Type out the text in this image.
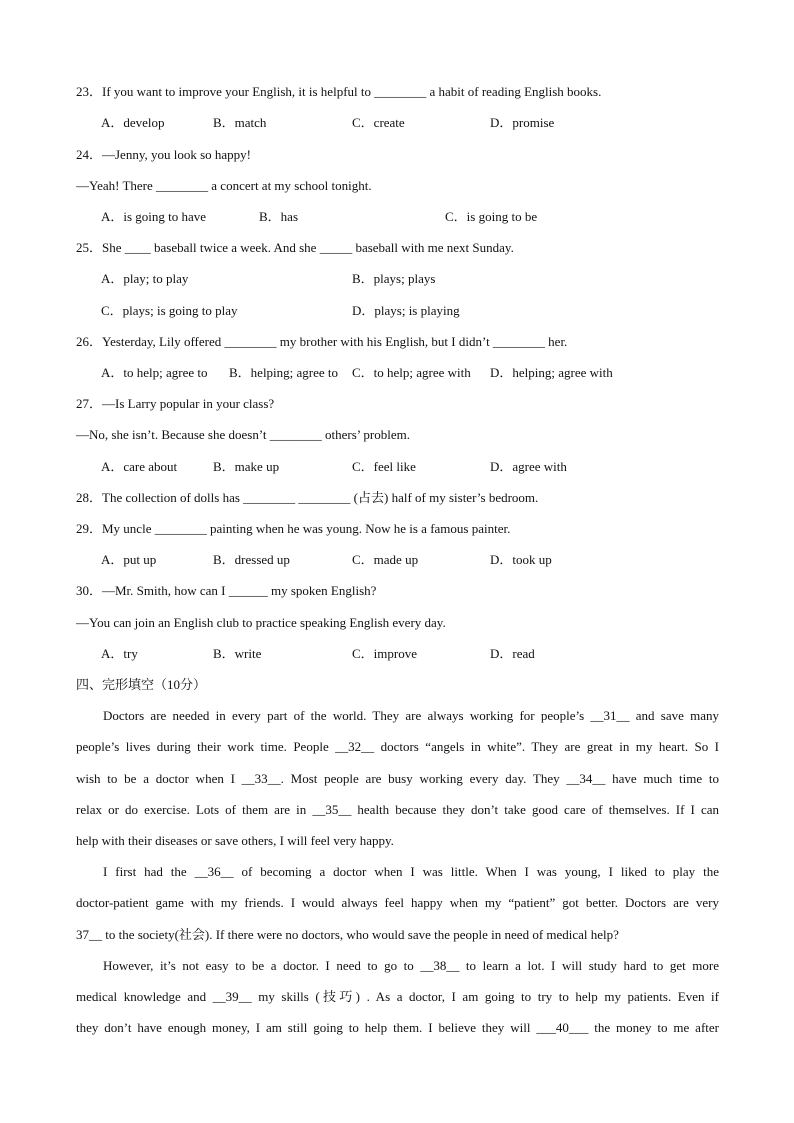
23．If you want to improve your English, it is helpful to ________ a habit of reading English books.
A．develop	B．match	C．create	D．promise
24．—Jenny, you look so happy!
—Yeah! There ________ a concert at my school tonight.
A．is going to have	B．has	C．is going to be
25．She ____ baseball twice a week. And she _____ baseball with me next Sunday.
A．play; to play	B．plays; plays
C．plays; is going to play	D．plays; is playing
26．Yesterday, Lily offered ________ my brother with his English, but I didn’t ________ her.
A．to help; agree to B．helping; agree to C．to help; agree with D．helping; agree with
27．—Is Larry popular in your class?
—No, she isn’t. Because she doesn’t ________ others’ problem.
A．care about	B．make up	C．feel like	D．agree with
28．The collection of dolls has ________ ________ (占去) half of my sister’s bedroom.
29．My uncle ________ painting when he was young. Now he is a famous painter.
A．put up	B．dressed up	C．made up	D．took up
30．—Mr. Smith, how can I ______ my spoken English?
—You can join an English club to practice speaking English every day.
A．try	B．write	C．improve	D．read
四、完形填空（10分）
Doctors are needed in every part of the world. They are always working for people’s __31__ and save many
people’s lives during their work time. People __32__ doctors “angels in white”. They are great in my heart. So I
wish to be a doctor when I __33__. Most people are busy working every day. They __34__ have much time to
relax or do exercise. Lots of them are in __35__ health because they don’t take good care of themselves. If I can
help with their diseases or save others, I will feel very happy.
I first had the __36__ of becoming a doctor when I was little. When I was young, I liked to play the
doctor-patient game with my friends. I would always feel happy when my “patient” got better. Doctors are very
37__ to the society(社会). If there were no doctors, who would save the people in need of medical help?
However, it’s not easy to be a doctor. I need to go to __38__ to learn a lot. I will study hard to get more
medical knowledge and __39__ my skills (技巧) . As a doctor, I am going to try to help my patients. Even if
they don’t have enough money, I am still going to help them. I believe they will ___40___ the money to me after
